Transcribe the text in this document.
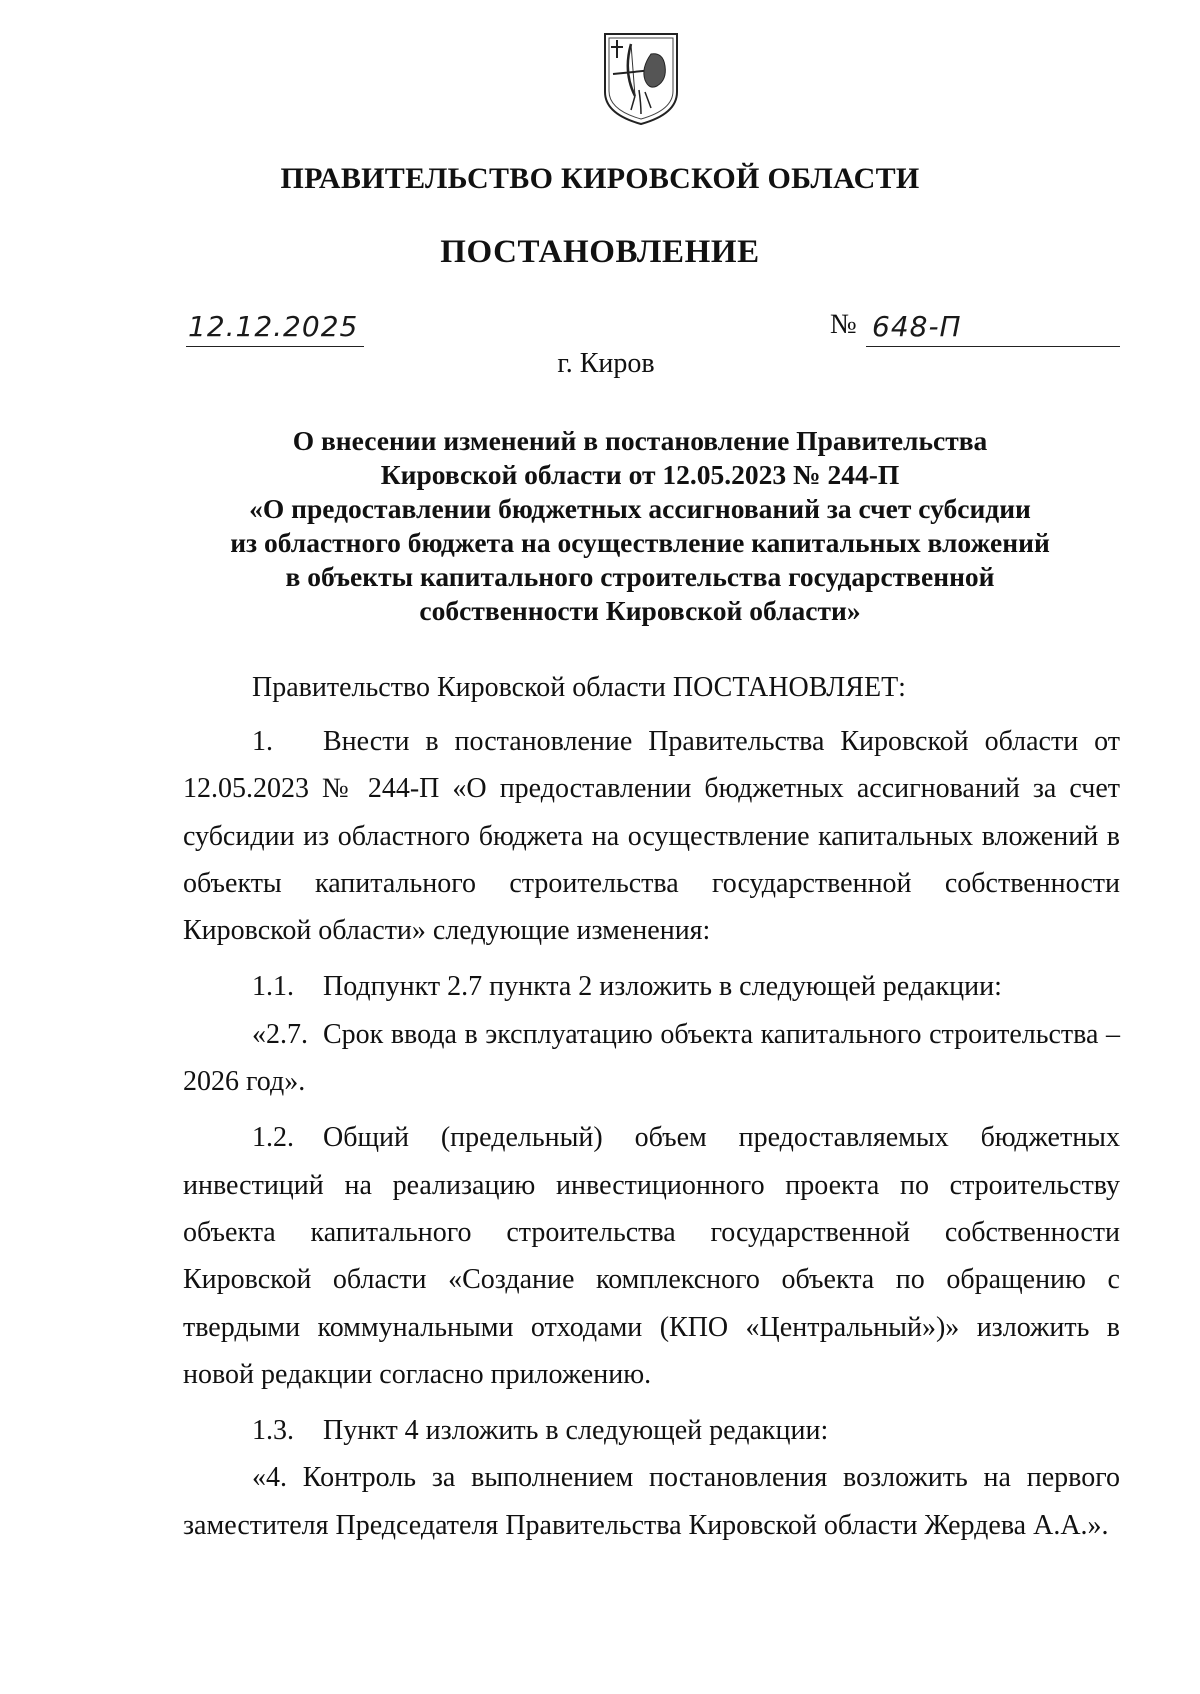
ПРАВИТЕЛЬСТВО КИРОВСКОЙ ОБЛАСТИ
ПОСТАНОВЛЕНИЕ
12.12.2025	№ 648-П
г. Киров
О внесении изменений в постановление Правительства
Кировской области от 12.05.2023 № 244-П
«О предоставлении бюджетных ассигнований за счет субсидии
из областного бюджета на осуществление капитальных вложений
в объекты капитального строительства государственной
собственности Кировской области»
Правительство Кировской области ПОСТАНОВЛЯЕТ:

1. Внести в постановление Правительства Кировской области от 12.05.2023 № 244-П «О предоставлении бюджетных ассигнований за счет субсидии из областного бюджета на осуществление капитальных вложений в объекты капитального строительства государственной собственности Кировской области» следующие изменения:

1.1. Подпункт 2.7 пункта 2 изложить в следующей редакции:

«2.7. Срок ввода в эксплуатацию объекта капитального строительства – 2026 год».

1.2. Общий (предельный) объем предоставляемых бюджетных инвестиций на реализацию инвестиционного проекта по строительству объекта капитального строительства государственной собственности Кировской области «Создание комплексного объекта по обращению с твердыми коммунальными отходами (КПО «Центральный»)» изложить в новой редакции согласно приложению.

1.3. Пункт 4 изложить в следующей редакции:

«4. Контроль за выполнением постановления возложить на первого заместителя Председателя Правительства Кировской области Жердева А.А.».
